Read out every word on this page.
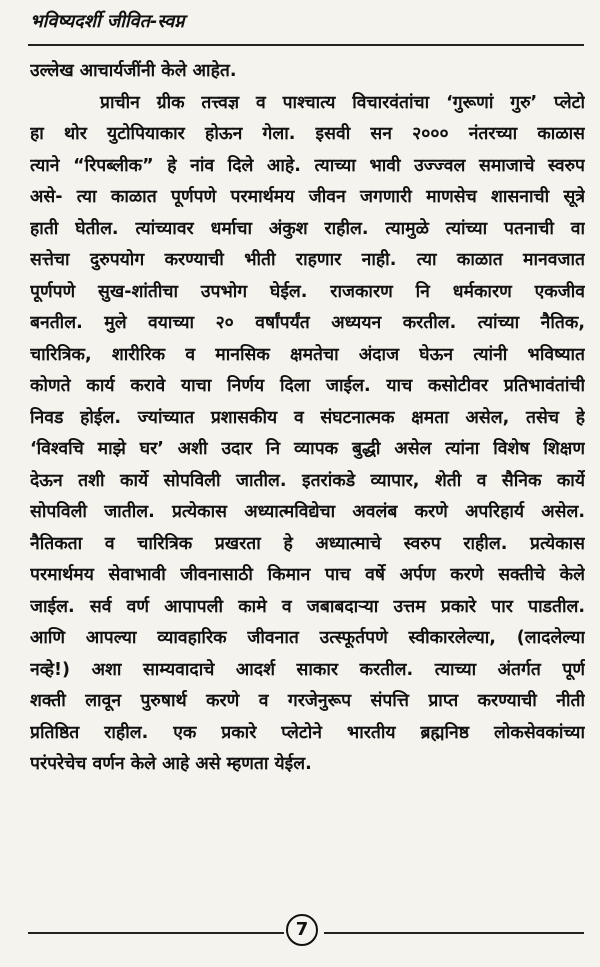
भविष्यदर्शी जीवित-स्वप्न
उल्लेख आचार्यजींनी केले आहेत.
प्राचीन ग्रीक तत्त्वज्ञ व पाश्चात्य विचारवंतांचा ‘गुरूणां गुरु’ प्लेटो
हा थोर युटोपियाकार होऊन गेला. इसवी सन २००० नंतरच्या काळास
त्याने “रिपब्लीक” हे नांव दिले आहे. त्याच्या भावी उज्ज्वल समाजाचे स्वरुप
असे- त्या काळात पूर्णपणे परमार्थमय जीवन जगणारी माणसेच शासनाची सूत्रे
हाती घेतील. त्यांच्यावर धर्माचा अंकुश राहील. त्यामुळे त्यांच्या पतनाची वा
सत्तेचा दुरुपयोग करण्याची भीती राहणार नाही. त्या काळात मानवजात
पूर्णपणे सुख-शांतीचा उपभोग घेईल. राजकारण नि धर्मकारण एकजीव
बनतील. मुले वयाच्या २० वर्षांपर्यंत अध्ययन करतील. त्यांच्या नैतिक,
चारित्रिक, शारीरिक व मानसिक क्षमतेचा अंदाज घेऊन त्यांनी भविष्यात
कोणते कार्य करावे याचा निर्णय दिला जाईल. याच कसोटीवर प्रतिभावंतांची
निवड होईल. ज्यांच्यात प्रशासकीय व संघटनात्मक क्षमता असेल, तसेच हे
‘विश्वचि माझे घर’ अशी उदार नि व्यापक बुद्धी असेल त्यांना विशेष शिक्षण
देऊन तशी कार्ये सोपविली जातील. इतरांकडे व्यापार, शेती व सैनिक कार्ये
सोपविली जातील. प्रत्येकास अध्यात्मविद्येचा अवलंब करणे अपरिहार्य असेल.
नैतिकता व चारित्रिक प्रखरता हे अध्यात्माचे स्वरुप राहील. प्रत्येकास
परमार्थमय सेवाभावी जीवनासाठी किमान पाच वर्षे अर्पण करणे सक्तीचे केले
जाईल. सर्व वर्ण आपापली कामे व जबाबदाऱ्या उत्तम प्रकारे पार पाडतील.
आणि आपल्या व्यावहारिक जीवनात उत्स्फूर्तपणे स्वीकारलेल्या, (लादलेल्या
नव्हे!) अशा साम्यवादाचे आदर्श साकार करतील. त्याच्या अंतर्गत पूर्ण
शक्ती लावून पुरुषार्थ करणे व गरजेनुरूप संपत्ति प्राप्त करण्याची नीती
प्रतिष्ठित राहील. एक प्रकारे प्लेटोने भारतीय ब्रह्मनिष्ठ लोकसेवकांच्या
परंपरेचेच वर्णन केले आहे असे म्हणता येईल.
7
